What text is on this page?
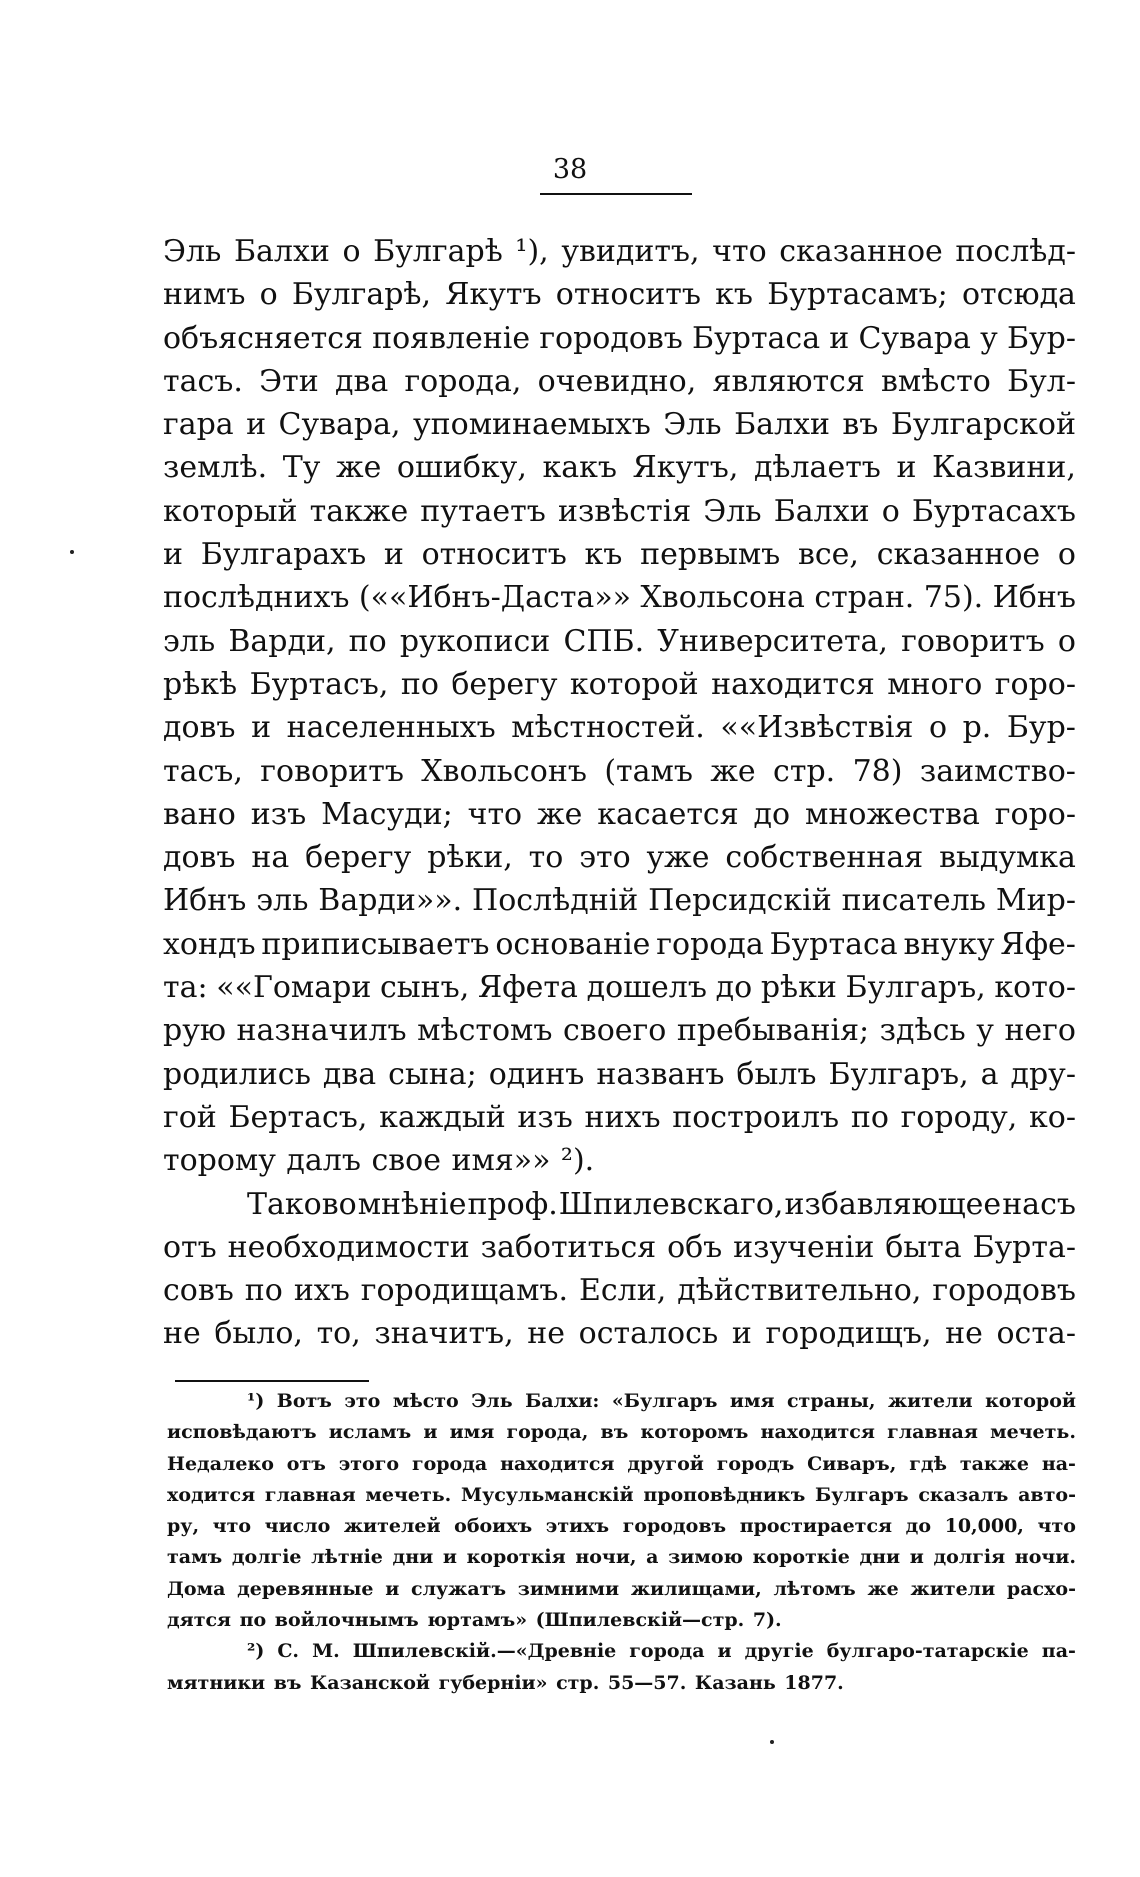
38
Эль Балхи о Булгарѣ ¹), увидитъ, что сказанное послѣд-
нимъ о Булгарѣ, Якутъ относитъ къ Буртасамъ; отсюда
объясняется появленіе городовъ Буртаса и Сувара у Бур-
тасъ. Эти два города, очевидно, являются вмѣсто Бул-
гара и Сувара, упоминаемыхъ Эль Балхи въ Булгарской
землѣ. Ту же ошибку, какъ Якутъ, дѣлаетъ и Казвини,
который также путаетъ извѣстія Эль Балхи о Буртасахъ
и Булгарахъ и относитъ къ первымъ все, сказанное о
послѣднихъ (««Ибнъ-Даста»» Хвольсона стран. 75). Ибнъ
эль Варди, по рукописи СПБ. Университета, говоритъ о
рѣкѣ Буртасъ, по берегу которой находится много горо-
довъ и населенныхъ мѣстностей. ««Извѣствія о р. Бур-
тасъ, говоритъ Хвольсонъ (тамъ же стр. 78) заимство-
вано изъ Масуди; что же касается до множества горо-
довъ на берегу рѣки, то это уже собственная выдумка
Ибнъ эль Варди»». Послѣдній Персидскій писатель Мир-
хондъ приписываетъ основаніе города Буртаса внуку Яфе-
та: ««Гомари сынъ, Яфета дошелъ до рѣки Булгаръ, кото-
рую назначилъ мѣстомъ своего пребыванія; здѣсь у него
родились два сына; одинъ названъ былъ Булгаръ, а дру-
гой Бертасъ, каждый изъ нихъ построилъ по городу, ко-
торому далъ свое имя»» ²).
Таково мнѣніе проф. Шпилевскаго, избавляющее насъ
отъ необходимости заботиться объ изученіи быта Бурта-
совъ по ихъ городищамъ. Если, дѣйствительно, городовъ
не было, то, значитъ, не осталось и городищъ, не оста-
¹) Вотъ это мѣсто Эль Балхи: «Булгаръ имя страны, жители которой
исповѣдаютъ исламъ и имя города, въ которомъ находится главная мечеть.
Недалеко отъ этого города находится другой городъ Сиваръ, гдѣ также на-
ходится главная мечеть. Мусульманскій проповѣдникъ Булгаръ сказалъ авто-
ру, что число жителей обоихъ этихъ городовъ простирается до 10,000, что
тамъ долгіе лѣтніе дни и короткія ночи, а зимою короткіе дни и долгія ночи.
Дома деревянные и служатъ зимними жилищами, лѣтомъ же жители расхо-
дятся по войлочнымъ юртамъ» (Шпилевскій—стр. 7).
²) С. М. Шпилевскій.—«Древніе города и другіе булгаро-татарскіе па-
мятники въ Казанской губерніи» стр. 55—57. Казань 1877.
